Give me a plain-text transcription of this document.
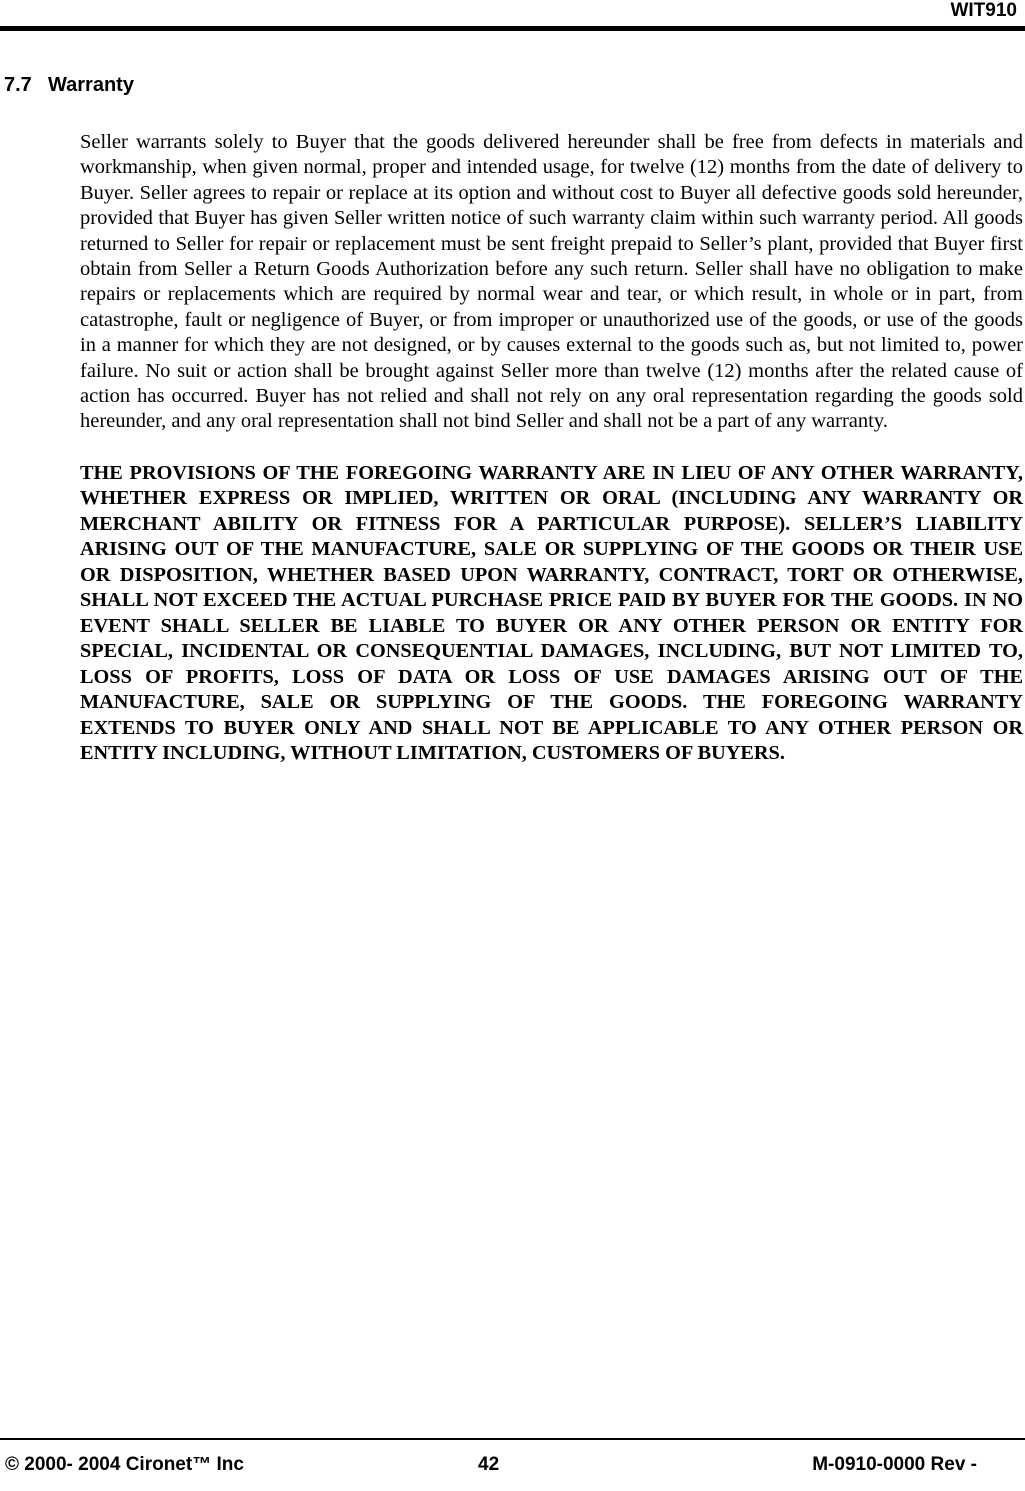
WIT910
7.7 Warranty

Seller warrants solely to Buyer that the goods delivered hereunder shall be free from defects in materials and workmanship, when given normal, proper and intended usage, for twelve (12) months from the date of delivery to Buyer. Seller agrees to repair or replace at its option and without cost to Buyer all defective goods sold hereunder, provided that Buyer has given Seller written notice of such warranty claim within such warranty period. All goods returned to Seller for repair or replacement must be sent freight prepaid to Seller’s plant, provided that Buyer first obtain from Seller a Return Goods Authorization before any such return. Seller shall have no obligation to make repairs or replacements which are required by normal wear and tear, or which result, in whole or in part, from catastrophe, fault or negligence of Buyer, or from improper or unauthorized use of the goods, or use of the goods in a manner for which they are not designed, or by causes external to the goods such as, but not limited to, power failure. No suit or action shall be brought against Seller more than twelve (12) months after the related cause of action has occurred. Buyer has not relied and shall not rely on any oral representation regarding the goods sold hereunder, and any oral representation shall not bind Seller and shall not be a part of any warranty.

THE PROVISIONS OF THE FOREGOING WARRANTY ARE IN LIEU OF ANY OTHER WARRANTY, WHETHER EXPRESS OR IMPLIED, WRITTEN OR ORAL (INCLUDING ANY WARRANTY OR MERCHANT ABILITY OR FITNESS FOR A PARTICULAR PURPOSE). SELLER’S LIABILITY ARISING OUT OF THE MANUFACTURE, SALE OR SUPPLYING OF THE GOODS OR THEIR USE OR DISPOSITION, WHETHER BASED UPON WARRANTY, CONTRACT, TORT OR OTHERWISE, SHALL NOT EXCEED THE ACTUAL PURCHASE PRICE PAID BY BUYER FOR THE GOODS. IN NO EVENT SHALL SELLER BE LIABLE TO BUYER OR ANY OTHER PERSON OR ENTITY FOR SPECIAL, INCIDENTAL OR CONSEQUENTIAL DAMAGES, INCLUDING, BUT NOT LIMITED TO, LOSS OF PROFITS, LOSS OF DATA OR LOSS OF USE DAMAGES ARISING OUT OF THE MANUFACTURE, SALE OR SUPPLYING OF THE GOODS. THE FOREGOING WARRANTY EXTENDS TO BUYER ONLY AND SHALL NOT BE APPLICABLE TO ANY OTHER PERSON OR ENTITY INCLUDING, WITHOUT LIMITATION, CUSTOMERS OF BUYERS.

© 2000- 2004 Cironet™ Inc	42	M-0910-0000 Rev -
